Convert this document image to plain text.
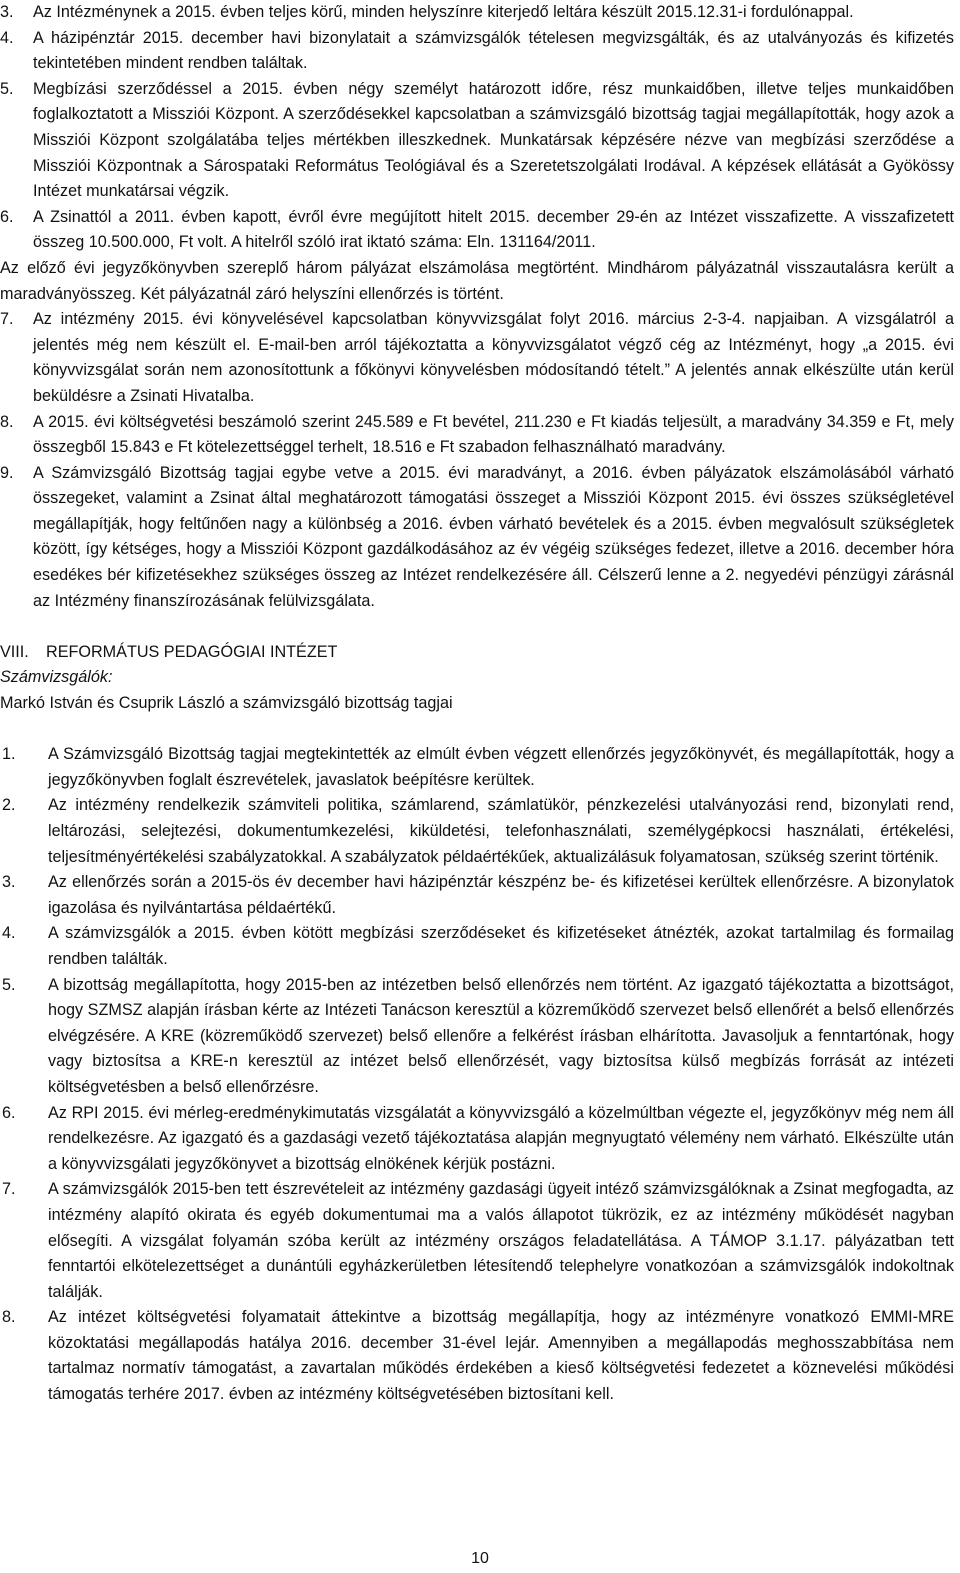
3.	Az Intézménynek a 2015. évben teljes körű, minden helyszínre kiterjedő leltára készült 2015.12.31-i fordulónappal.
4.	A házipénztár 2015. december havi bizonylatait a számvizsgálók tételesen megvizsgálták, és az utalványozás és kifizetés tekintetében mindent rendben találtak.
5.	Megbízási szerződéssel a 2015. évben négy személyt határozott időre, rész munkaidőben, illetve teljes munkaidőben foglalkoztatott a Missziói Központ. A szerződésekkel kapcsolatban a számvizsgáló bizottság tagjai megállapították, hogy azok a Missziói Központ szolgálatába teljes mértékben illeszkednek. Munkatársak képzésére nézve van megbízási szerződése a Missziói Központnak a Sárospataki Református Teológiával és a Szeretetszolgálati Irodával. A képzések ellátását a Gyökössy Intézet munkatársai végzik.
6.	A Zsinattól a 2011. évben kapott, évről évre megújított hitelt 2015. december 29-én az Intézet visszafizette. A visszafizetett összeg 10.500.000, Ft volt. A hitelről szóló irat iktató száma: Eln. 131164/2011.
Az előző évi jegyzőkönyvben szereplő három pályázat elszámolása megtörtént. Mindhárom pályázatnál visszautalásra került a maradványösszeg. Két pályázatnál záró helyszíni ellenőrzés is történt.
7.	Az intézmény 2015. évi könyvelésével kapcsolatban könyvvizsgálat folyt 2016. március 2-3-4. napjaiban. A vizsgálatról a jelentés még nem készült el. E-mail-ben arról tájékoztatta a könyvvizsgálatot végző cég az Intézményt, hogy „a 2015. évi könyvvizsgálat során nem azonosítottunk a főkönyvi könyvelésben módosítandó tételt.” A jelentés annak elkészülte után kerül beküldésre a Zsinati Hivatalba.
8.	A 2015. évi költségvetési beszámoló szerint 245.589 e Ft bevétel, 211.230 e Ft kiadás teljesült, a maradvány 34.359 e Ft, mely összegből 15.843 e Ft kötelezettséggel terhelt, 18.516 e Ft szabadon felhasználható maradvány.
9.	A Számvizsgáló Bizottság tagjai egybe vetve a 2015. évi maradványt, a 2016. évben pályázatok elszámolásából várható összegeket, valamint a Zsinat által meghatározott támogatási összeget a Missziói Központ 2015. évi összes szükségletével megállapítják, hogy feltűnően nagy a különbség a 2016. évben várható bevételek és a 2015. évben megvalósult szükségletek között, így kétséges, hogy a Missziói Központ gazdálkodásához az év végéig szükséges fedezet, illetve a 2016. december hóra esedékes bér kifizetésekhez szükséges összeg az Intézet rendelkezésére áll. Célszerű lenne a 2. negyedévi pénzügyi zárásnál az Intézmény finanszírozásának felülvizsgálata.
VIII.	REFORMÁTUS PEDAGÓGIAI INTÉZET
Számvizsgálók:
Markó István és Csuprik László a számvizsgáló bizottság tagjai
1.	A Számvizsgáló Bizottság tagjai megtekintették az elmúlt évben végzett ellenőrzés jegyzőkönyvét, és megállapították, hogy a jegyzőkönyvben foglalt észrevételek, javaslatok beépítésre kerültek.
2.	Az intézmény rendelkezik számviteli politika, számlarend, számlatükör, pénzkezelési utalványozási rend, bizonylati rend, leltározási, selejtezési, dokumentumkezelési, kiküldetési, telefonhasználati, személygépkocsi használati, értékelési, teljesítményértékelési szabályzatokkal. A szabályzatok példaértékűek, aktualizálásuk folyamatosan, szükség szerint történik.
3.	Az ellenőrzés során a 2015-ös év december havi házipénztár készpénz be- és kifizetései kerültek ellenőrzésre. A bizonylatok igazolása és nyilvántartása példaértékű.
4.	A számvizsgálók a 2015. évben kötött megbízási szerződéseket és kifizetéseket átnézték, azokat tartalmilag és formailag rendben találták.
5.	A bizottság megállapította, hogy 2015-ben az intézetben belső ellenőrzés nem történt. Az igazgató tájékoztatta a bizottságot, hogy SZMSZ alapján írásban kérte az Intézeti Tanácson keresztül a közreműködő szervezet belső ellenőrét a belső ellenőrzés elvégzésére. A KRE (közreműködő szervezet) belső ellenőre a felkérést írásban elhárította. Javasoljuk a fenntartónak, hogy vagy biztosítsa a KRE-n keresztül az intézet belső ellenőrzését, vagy biztosítsa külső megbízás forrását az intézeti költségvetésben a belső ellenőrzésre.
6.	Az RPI 2015. évi mérleg-eredménykimutatás vizsgálatát a könyvvizsgáló a közelmúltban végezte el, jegyzőkönyv még nem áll rendelkezésre. Az igazgató és a gazdasági vezető tájékoztatása alapján megnyugtató vélemény nem várható. Elkészülte után a könyvvizsgálati jegyzőkönyvet a bizottság elnökének kérjük postázni.
7.	A számvizsgálók 2015-ben tett észrevételeit az intézmény gazdasági ügyeit intéző számvizsgálóknak a Zsinat megfogadta, az intézmény alapító okirata és egyéb dokumentumai ma a valós állapotot tükrözik, ez az intézmény működését nagyban elősegíti. A vizsgálat folyamán szóba került az intézmény országos feladatellátása. A TÁMOP 3.1.17. pályázatban tett fenntartói elkötelezettséget a dunántúli egyházkerületben létesítendő telephelyre vonatkozóan a számvizsgálók indokoltnak találják.
8.	Az intézet költségvetési folyamatait áttekintve a bizottság megállapítja, hogy az intézményre vonatkozó EMMI-MRE közoktatási megállapodás hatálya 2016. december 31-ével lejár. Amennyiben a megállapodás meghosszabbítása nem tartalmaz normatív támogatást, a zavartalan működés érdekében a kieső költségvetési fedezetet a köznevelési működési támogatás terhére 2017. évben az intézmény költségvetésében biztosítani kell.
10
